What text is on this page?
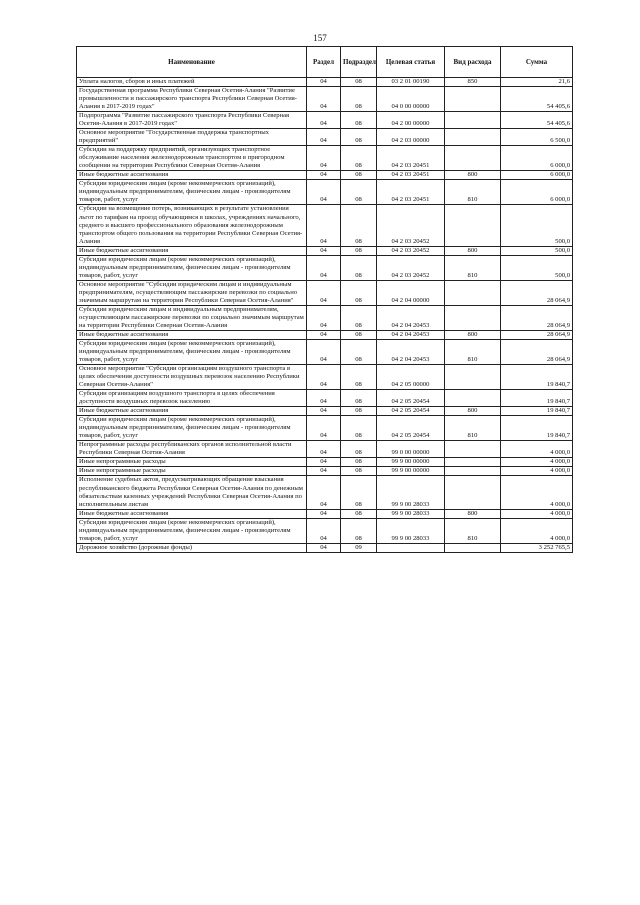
157
Наименование	Раздел	Подраздел	Целевая статья	Вид расхода	Сумма
Уплата налогов, сборов и иных платежей	04	08	03 2 01 00190	850	21,6
Государственная программа Республики Северная Осетия-Алания "Развитие промышленности и пассажирского транспорта Республики Северная Осетия-Алания в 2017-2019 годах"	04	08	04 0 00 00000		54 405,6
Подпрограмма "Развитие пассажирского транспорта Республики Северная Осетия-Алания в 2017-2019 годах"	04	08	04 2 00 00000		54 405,6
Основное мероприятие "Государственная поддержка транспортных предприятий"	04	08	04 2 03 00000		6 500,0
Субсидии на поддержку предприятий, организующих транспортное обслуживание населения железнодорожным транспортом в пригородном сообщении на территории Республики Северная Осетия-Алания	04	08	04 2 03 20451		6 000,0
Иные бюджетные ассигнования	04	08	04 2 03 20451	800	6 000,0
Субсидии юридическим лицам (кроме некоммерческих организаций), индивидуальным предпринимателям, физическим лицам - производителям товаров, работ, услуг	04	08	04 2 03 20451	810	6 000,0
Субсидии на возмещение потерь, возникающих в результате установления льгот по тарифам на проезд обучающимся в школах, учреждениях начального, среднего и высшего профессионального образования железнодорожным транспортом общего пользования на территории Республики Северная Осетия-Алания	04	08	04 2 03 20452		500,0
Иные бюджетные ассигнования	04	08	04 2 03 20452	800	500,0
Субсидии юридическим лицам (кроме некоммерческих организаций), индивидуальным предпринимателям, физическим лицам - производителям товаров, работ, услуг	04	08	04 2 03 20452	810	500,0
Основное мероприятие "Субсидии юридическим лицам и индивидуальным предпринимателям, осуществляющим пассажирские перевозки по социально значимым маршрутам на территории Республики Северная Осетия-Алания"	04	08	04 2 04 00000		28 064,9
Субсидии юридическим лицам и индивидуальным предпринимателям, осуществляющим пассажирские перевозки по социально значимым маршрутам на территории Республики Северная Осетия-Алания	04	08	04 2 04 20453		28 064,9
Иные бюджетные ассигнования	04	08	04 2 04 20453	800	28 064,9
Субсидии юридическим лицам (кроме некоммерческих организаций), индивидуальным предпринимателям, физическим лицам - производителям товаров, работ, услуг	04	08	04 2 04 20453	810	28 064,9
Основное мероприятие "Субсидии организациям воздушного транспорта в целях обеспечения доступности воздушных перевозок населению Республики Северная Осетия-Алания"	04	08	04 2 05 00000		19 840,7
Субсидии организациям воздушного транспорта в целях обеспечения доступности воздушных перевозок населению	04	08	04 2 05 20454		19 840,7
Иные бюджетные ассигнования	04	08	04 2 05 20454	800	19 840,7
Субсидии юридическим лицам (кроме некоммерческих организаций), индивидуальным предпринимателям, физическим лицам - производителям товаров, работ, услуг	04	08	04 2 05 20454	810	19 840,7
Непрограммные расходы республиканских органов исполнительной власти Республики Северная Осетия-Алания	04	08	99 0 00 00000		4 000,0
Иные непрограммные расходы	04	08	99 9 00 00000		4 000,0
Иные непрограммные расходы	04	08	99 9 00 00000		4 000,0
Исполнение судебных актов, предусматривающих обращение взыскания республиканского бюджета Республики Северная Осетия-Алания по денежным обязательствам казенных учреждений Республики Северная Осетия-Алания по исполнительным листам	04	08	99 9 00 28033		4 000,0
Иные бюджетные ассигнования	04	08	99 9 00 28033	800	4 000,0
Субсидии юридическим лицам (кроме некоммерческих организаций), индивидуальным предпринимателям, физическим лицам - производителям товаров, работ, услуг	04	08	99 9 00 28033	810	4 000,0
Дорожное хозяйство (дорожные фонды)	04	09			3 252 765,5
